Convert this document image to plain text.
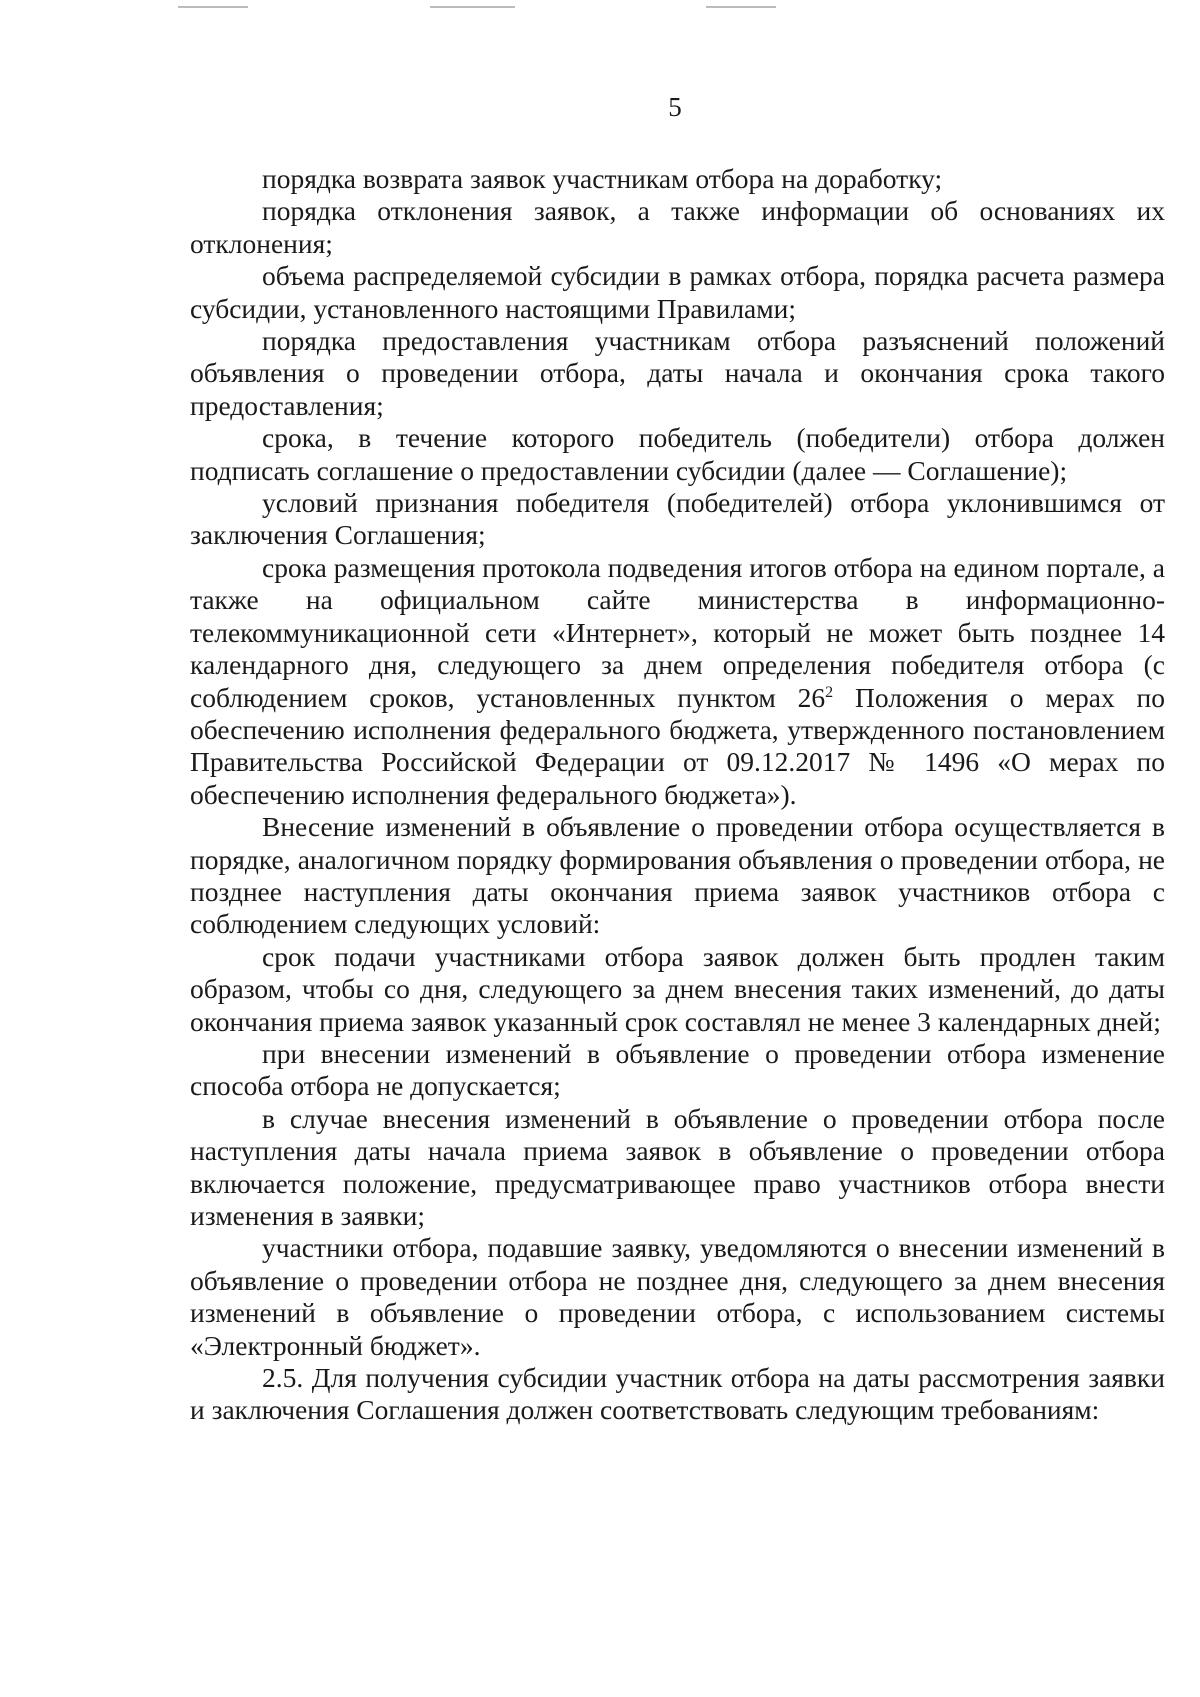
5

порядка возврата заявок участникам отбора на доработку;

порядка отклонения заявок, а также информации об основаниях их отклонения;

объема распределяемой субсидии в рамках отбора, порядка расчета размера субсидии, установленного настоящими Правилами;

порядка предоставления участникам отбора разъяснений положений объявления о проведении отбора, даты начала и окончания срока такого предоставления;

срока, в течение которого победитель (победители) отбора должен подписать соглашение о предоставлении субсидии (далее — Соглашение);

условий признания победителя (победителей) отбора уклонившимся от заключения Соглашения;

срока размещения протокола подведения итогов отбора на едином портале, а также на официальном сайте министерства в информационно-телекоммуникационной сети «Интернет», который не может быть позднее 14 календарного дня, следующего за днем определения победителя отбора (с соблюдением сроков, установленных пунктом $26^2$ Положения о мерах по обеспечению исполнения федерального бюджета, утвержденного постановлением Правительства Российской Федерации от 09.12.2017 № 1496 «О мерах по обеспечению исполнения федерального бюджета»).

Внесение изменений в объявление о проведении отбора осуществляется в порядке, аналогичном порядку формирования объявления о проведении отбора, не позднее наступления даты окончания приема заявок участников отбора с соблюдением следующих условий:

срок подачи участниками отбора заявок должен быть продлен таким образом, чтобы со дня, следующего за днем внесения таких изменений, до даты окончания приема заявок указанный срок составлял не менее 3 календарных дней;

при внесении изменений в объявление о проведении отбора изменение способа отбора не допускается;

в случае внесения изменений в объявление о проведении отбора после наступления даты начала приема заявок в объявление о проведении отбора включается положение, предусматривающее право участников отбора внести изменения в заявки;

участники отбора, подавшие заявку, уведомляются о внесении изменений в объявление о проведении отбора не позднее дня, следующего за днем внесения изменений в объявление о проведении отбора, с использованием системы «Электронный бюджет».

2.5. Для получения субсидии участник отбора на даты рассмотрения заявки и заключения Соглашения должен соответствовать следующим требованиям:
